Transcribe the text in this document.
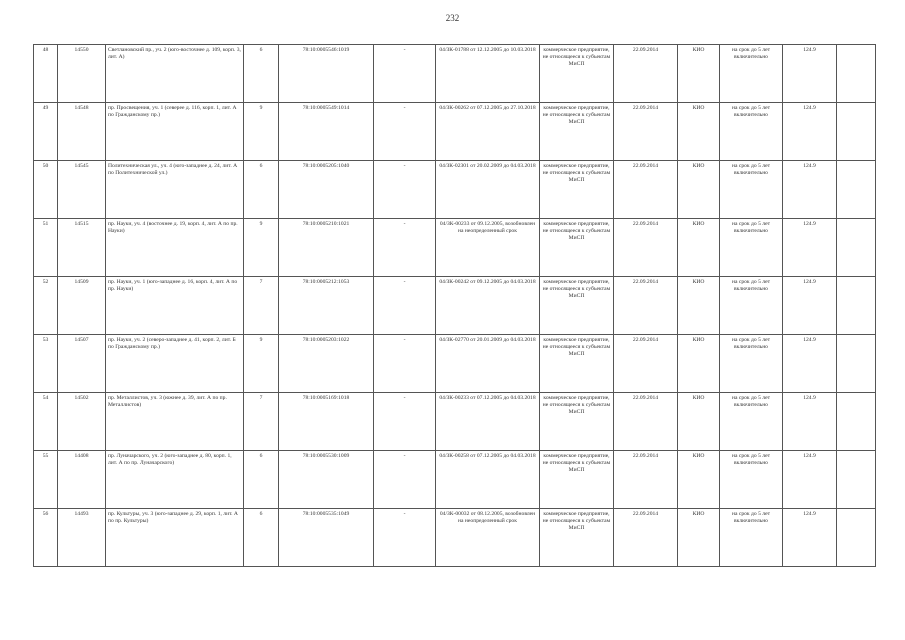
232
48	14550	Светлановский пр., уч. 2 (юго-восточнее д. 109, корп. 3, лит. А)	6	78:10:0005546:1019	-	04/ЗК-01788 от 12.12.2005 до 10.03.2018	коммерческое предприятие, не относящееся к субъектам МиСП	22.09.2014	КИО	на срок до 5 лет включительно	124.9	
49	14548	пр. Просвещения, уч. 1 (северее д. 116, корп. 1, лит. А по Гражданскому пр.)	9	78:10:0005549:1014	-	04/ЗК-00262 от 07.12.2005 до 27.10.2018	коммерческое предприятие, не относящееся к субъектам МиСП	22.09.2014	КИО	на срок до 5 лет включительно	124.9	
50	14545	Политехническая ул., уч. 4 (юго-западнее д. 24, лит. А по Политехнической ул.)	6	78:10:0005205:1040	-	04/ЗК-02301 от 20.02.2009 до 04.03.2018	коммерческое предприятие, не относящееся к субъектам МиСП	22.09.2014	КИО	на срок до 5 лет включительно	124.9	
51	14515	пр. Науки, уч. 4 (восточнее д. 19, корп. 4, лит. А по пр. Науки)	9	78:10:0005210:1021	-	04/ЗК-00233 от 09.12.2005, возобновлен на неопределенный срок	коммерческое предприятие, не относящееся к субъектам МиСП	22.09.2014	КИО	на срок до 5 лет включительно	124.9	
52	14509	пр. Науки, уч. 1 (юго-западнее д. 16, корп. 4, лит. А по пр. Науки)	7	78:10:0005212:1053	-	04/ЗК-00242 от 09.12.2005 до 04.03.2018	коммерческое предприятие, не относящееся к субъектам МиСП	22.09.2014	КИО	на срок до 5 лет включительно	124.9	
53	14507	пр. Науки, уч. 2 (северо-западнее д. 41, корп. 2, лит. Б по Гражданскому пр.)	9	78:10:0005203:1022	-	04/ЗК-02770 от 20.01.2009 до 04.03.2018	коммерческое предприятие, не относящееся к субъектам МиСП	22.09.2014	КИО	на срок до 5 лет включительно	124.9	
54	14502	пр. Металлистов, уч. 3 (южнее д. 39, лит. А по пр. Металлистов)	7	78:10:0005169:1018	-	04/ЗК-00233 от 07.12.2005 до 04.03.2018	коммерческое предприятие, не относящееся к субъектам МиСП	22.09.2014	КИО	на срок до 5 лет включительно	124.9	
55	14408	пр. Луначарского, уч. 2 (юго-западнее д. 80, корп. 1, лит. А по пр. Луначарского)	6	78:10:0005530:1009	-	04/ЗК-00258 от 07.12.2005 до 04.03.2018	коммерческое предприятие, не относящееся к субъектам МиСП	22.09.2014	КИО	на срок до 5 лет включительно	124.9	
56	14493	пр. Культуры, уч. 3 (юго-западнее д. 29, корп. 1, лит. А по пр. Культуры)	6	78:10:0005535:1049	-	04/ЗК-00032 от 08.12.2005, возобновлен на неопределенный срок	коммерческое предприятие, не относящееся к субъектам МиСП	22.09.2014	КИО	на срок до 5 лет включительно	124.9	
